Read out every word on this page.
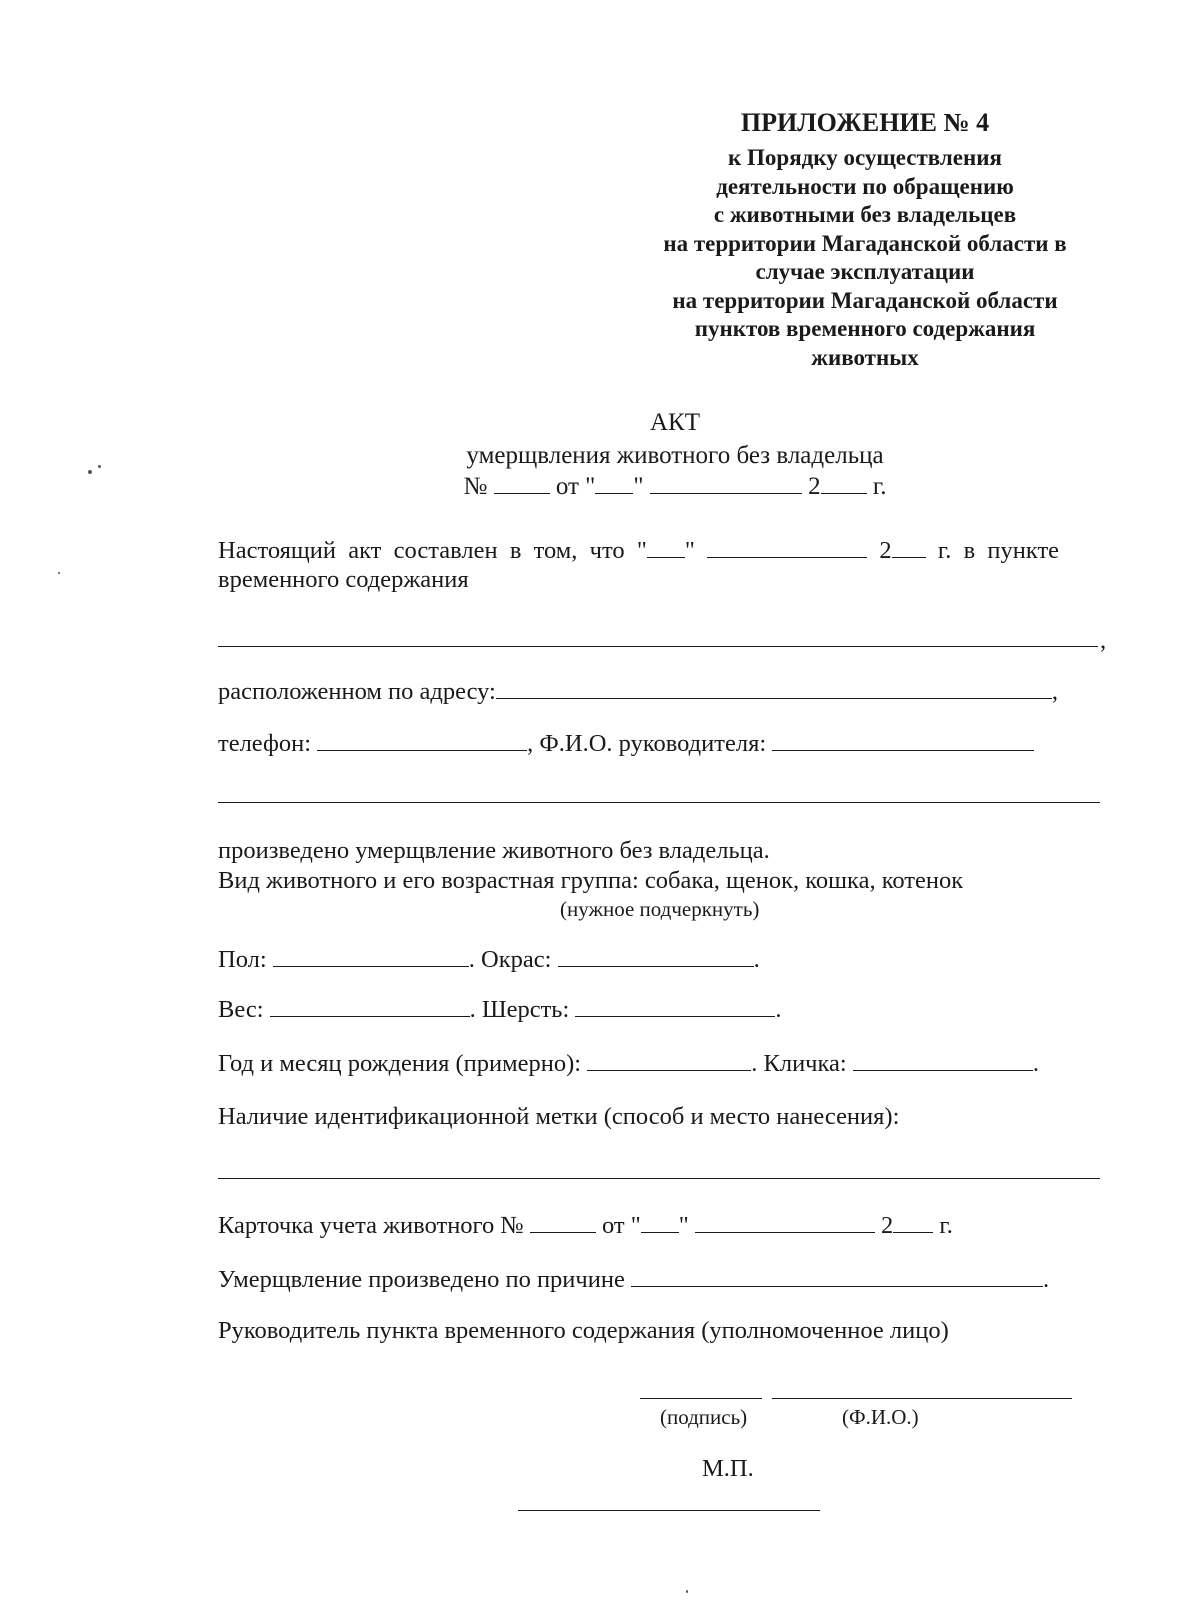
ПРИЛОЖЕНИЕ № 4
к Порядку осуществления
деятельности по обращению
с животными без владельцев
на территории Магаданской области в
случае эксплуатации
на территории Магаданской области
пунктов временного содержания
животных
АКТ
умерщвления животного без владельца
№	от " "	2 г.
Настоящий  акт  составлен  в  том,  что  " "	2 г.  в  пункте
временного содержания
,
расположенном по адресу:	,
телефон:	, Ф.И.О. руководителя:
произведено умерщвление животного без владельца.
Вид животного и его возрастная группа: собака, щенок, кошка, котенок
(нужное подчеркнуть)
Пол:	. Окрас:	.
Вес:	. Шерсть:	.
Год и месяц рождения (примерно):	. Кличка:	.
Наличие идентификационной метки (способ и место нанесения):
Карточка учета животного №	от " "	2 г.
Умерщвление произведено по причине	.
Руководитель пункта временного содержания (уполномоченное лицо)
(подпись)	(Ф.И.О.)
М.П.
